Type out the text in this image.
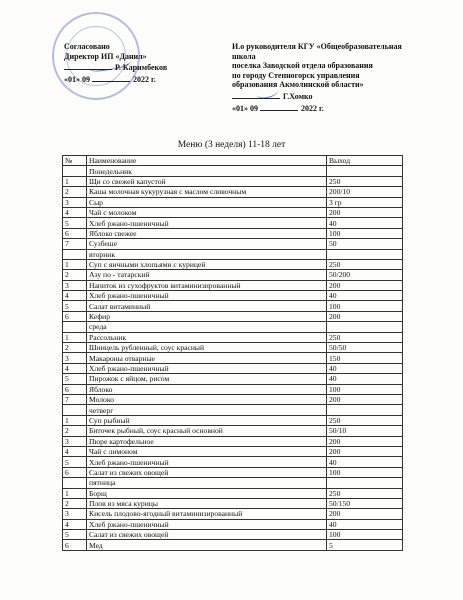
Согласовано
Директор ИП «Данил»
Р. Каримбеков
«01» 09	2022 г.
И.о руководителя КГУ «Общеобразовательная
школа
поселка Заводской отдела образования
по городу Степногорск управления
образования Акмолинской области»
Г.Хомко
«01» 09	2022 г.
Меню (3 неделя) 11-18 лет
№	Наименование	Выход
	Понедельник	
1	Щи со свежей капустой	250
2	Каша молочная кукурузная с маслом сливочным	200/10
3	Сыр	3 гр
4	Чай с молоком	200
5	Хлеб ржано-пшеничный	40
6	Яблоко свежее	100
7	Сузбеше	50
	вторник	
1	Суп с яичными хлопьями с курицей	250
2	Азу по - татарский	50/200
3	Напиток из сухофруктов витаминизированный	200
4	Хлеб ржано-пшеничный	40
5	Салат витаминный	100
6	Кефир	200
	среда	
1	Рассольник	250
2	Шницель рубленный, соус красный	50/50
3	Макароны отварные	150
4	Хлеб ржано-пшеничный	40
5	Пирожок с яйцом, рисом	40
6	Яблоко	100
7	Молоко	200
	четверг	
1	Суп рыбный	250
2	Биточек рыбный, соус красный основной	50/10
3	Пюре картофельное	200
4	Чай с лимоном	200
5	Хлеб ржано-пшеничный	40
6	Салат из свежих овощей	100
	пятница	
1	Борщ	250
2	Плов из мяса курицы	50/150
3	Кисель плодово-ягодный витаминизированный	200
4	Хлеб ржано-пшеничный	40
5	Салат из свежих овощей	100
6	Мед	5
